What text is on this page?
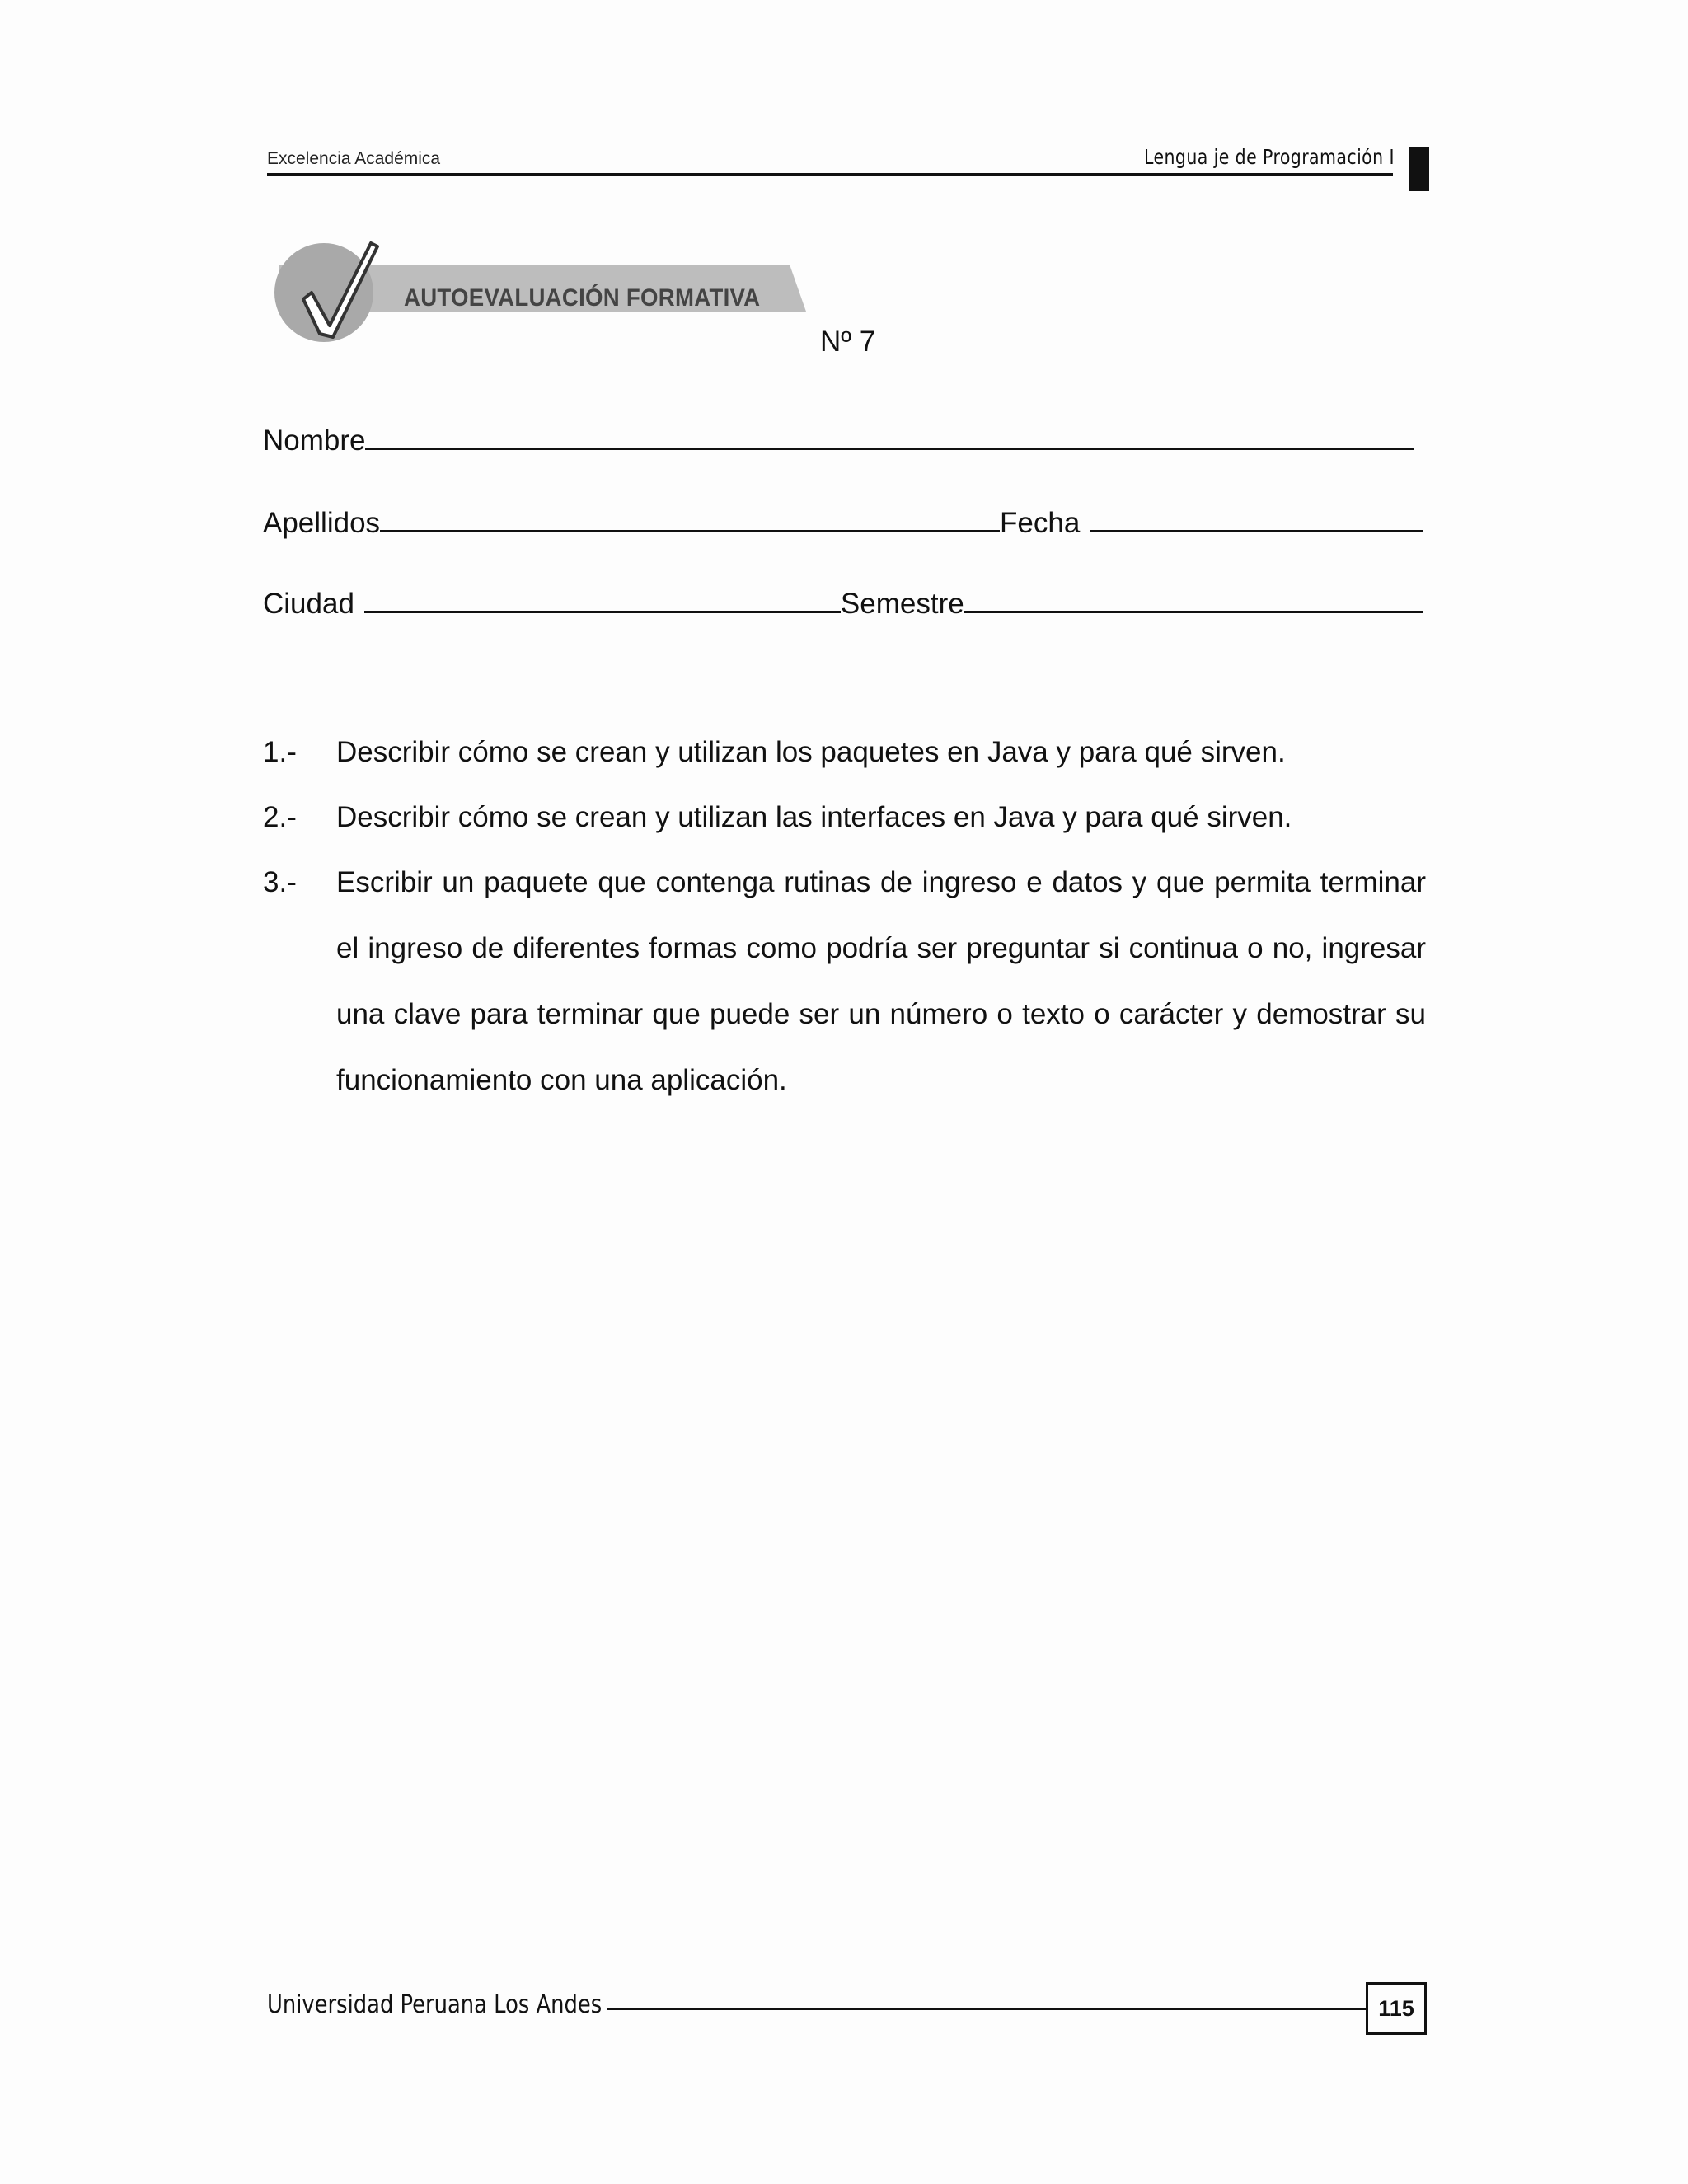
Excelencia Académica	Lengua je de Programación I
AUTOEVALUACIÓN FORMATIVA
Nº 7
Nombre
Apellidos	Fecha
Ciudad	Semestre
1.- Describir cómo se crean y utilizan los paquetes en Java y para qué sirven.
2.- Describir cómo se crean y utilizan las interfaces en Java y para qué sirven.
3.- Escribir un paquete que contenga rutinas de ingreso e datos y que permita terminar el ingreso de diferentes formas como podría ser preguntar si continua o no, ingresar una clave para terminar que puede ser un número o texto o carácter y demostrar su funcionamiento con una aplicación.
Universidad Peruana Los Andes	115
